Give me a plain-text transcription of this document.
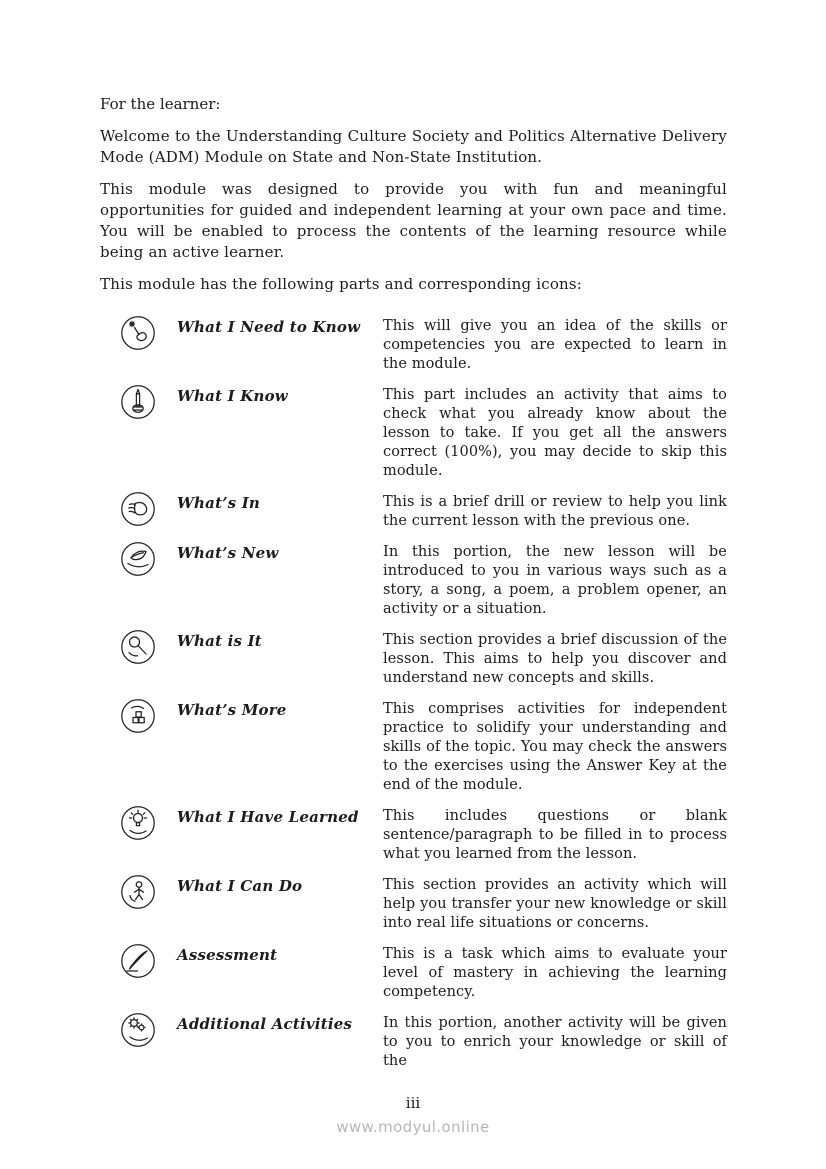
For the learner:

Welcome to the Understanding Culture Society and Politics Alternative Delivery Mode (ADM) Module on State and Non-State Institution.

This module was designed to provide you with fun and meaningful opportunities for guided and independent learning at your own pace and time. You will be enabled to process the contents of the learning resource while being an active learner.

This module has the following parts and corresponding icons:

What I Need to Know	This will give you an idea of the skills or competencies you are expected to learn in the module.
What I Know	This part includes an activity that aims to check what you already know about the lesson to take. If you get all the answers correct (100%), you may decide to skip this module.
What’s In	This is a brief drill or review to help you link the current lesson with the previous one.
What’s New	In this portion, the new lesson will be introduced to you in various ways such as a story, a song, a poem, a problem opener, an activity or a situation.
What is It	This section provides a brief discussion of the lesson. This aims to help you discover and understand new concepts and skills.
What’s More	This comprises activities for independent practice to solidify your understanding and skills of the topic. You may check the answers to the exercises using the Answer Key at the end of the module.
What I Have Learned	This includes questions or blank sentence/paragraph to be filled in to process what you learned from the lesson.
What I Can Do	This section provides an activity which will help you transfer your new knowledge or skill into real life situations or concerns.
Assessment	This is a task which aims to evaluate your level of mastery in achieving the learning competency.
Additional Activities	In this portion, another activity will be given to you to enrich your knowledge or skill of the
iii
www.modyul.online
